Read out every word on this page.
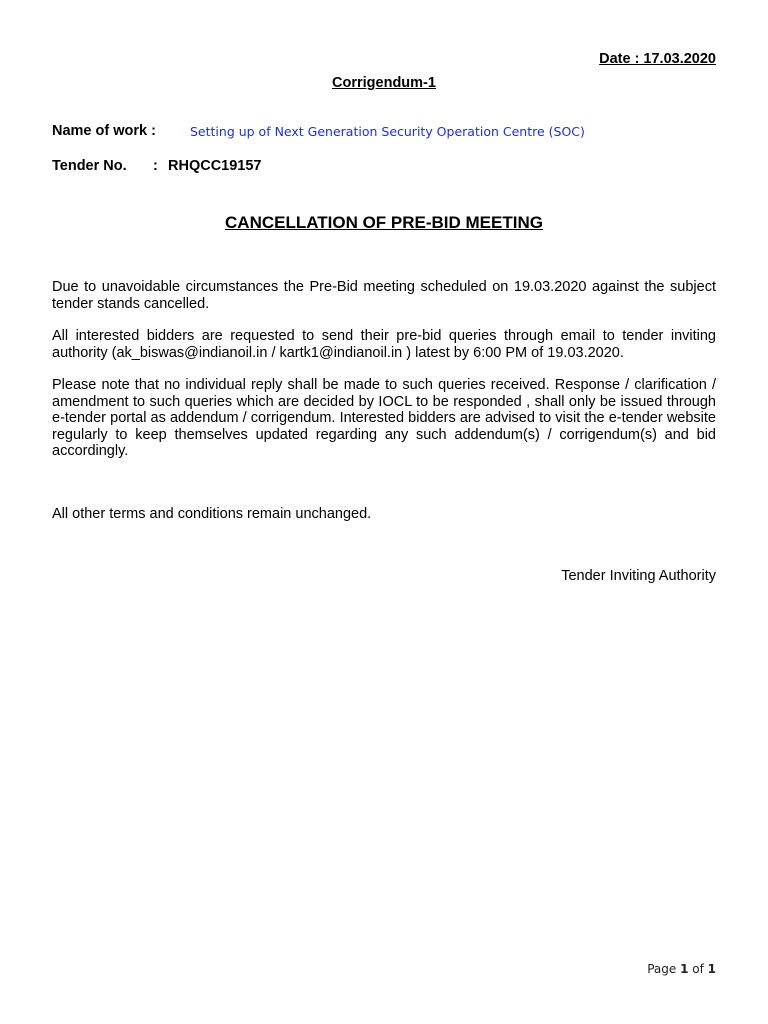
Date : 17.03.2020
Corrigendum-1
Name of work :	Setting up of Next Generation Security Operation Centre (SOC)
Tender No. : RHQCC19157
CANCELLATION OF PRE-BID MEETING

Due to unavoidable circumstances the Pre-Bid meeting scheduled on 19.03.2020 against the subject tender stands cancelled.

All interested bidders are requested to send their pre-bid queries through email to tender inviting authority (ak_biswas@indianoil.in / kartk1@indianoil.in ) latest by 6:00 PM of 19.03.2020.

Please note that no individual reply shall be made to such queries received. Response / clarification / amendment to such queries which are decided by IOCL to be responded , shall only be issued through e-tender portal as addendum / corrigendum. Interested bidders are advised to visit the e-tender website regularly to keep themselves updated regarding any such addendum(s) / corrigendum(s) and bid accordingly.

All other terms and conditions remain unchanged.

Tender Inviting Authority
Page 1 of 1
